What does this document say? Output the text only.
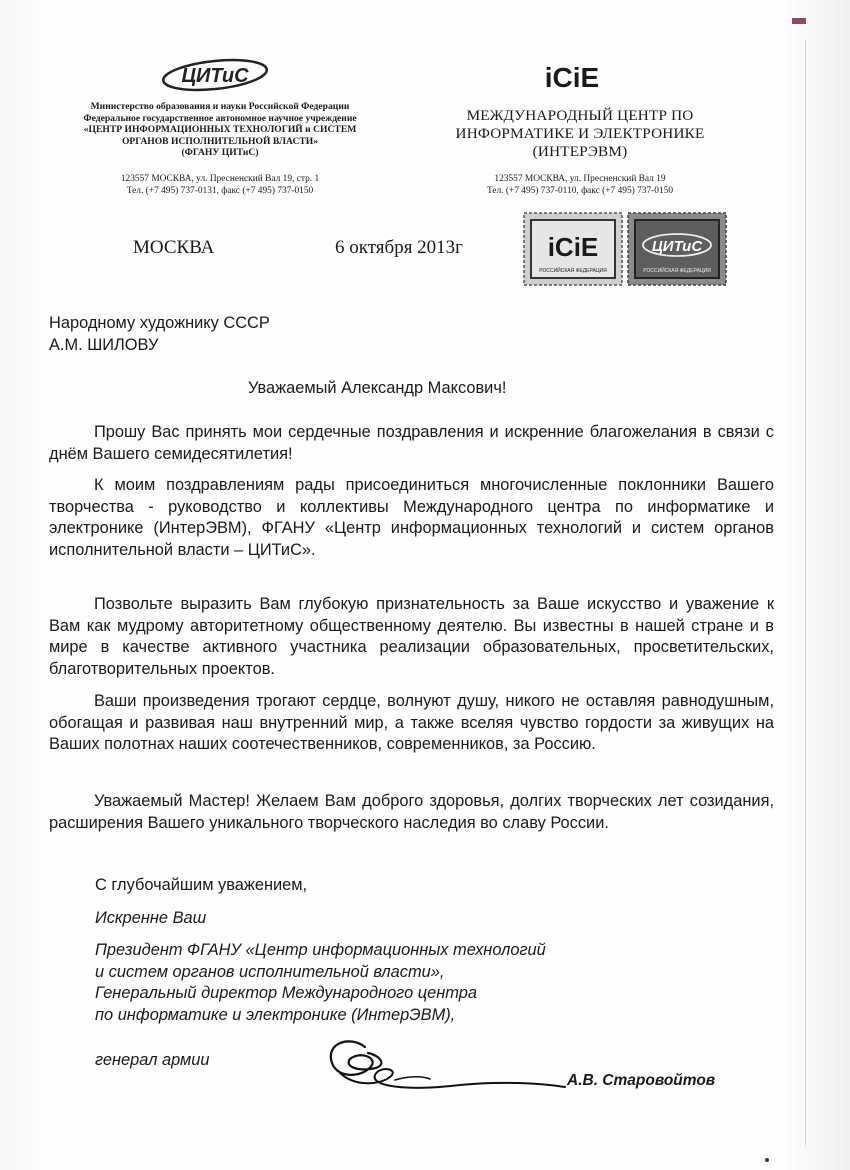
ЦИТиС	iCiE
Министерство образования и науки Российской Федерации
Федеральное государственное автономное научное учреждение
«ЦЕНТР ИНФОРМАЦИОННЫХ ТЕХНОЛОГИЙ и СИСТЕМ
ОРГАНОВ ИСПОЛНИТЕЛЬНОЙ ВЛАСТИ»
(ФГАНУ ЦИТиС)
МЕЖДУНАРОДНЫЙ ЦЕНТР ПО
ИНФОРМАТИКЕ И ЭЛЕКТРОНИКЕ
(ИНТЕРЭВМ)
123557 МОСКВА, ул. Пресненский Вал 19, стр. 1
Тел. (+7 495) 737-0131, факс (+7 495) 737-0150
123557 МОСКВА, ул. Пресненский Вал 19
Тел. (+7 495) 737-0110, факс (+7 495) 737-0150
МОСКВА	6 октября 2013г	iCiE
РОССИЙСКАЯ ФЕДЕРАЦИЯ
ЦИТиС
РОССИЙСКАЯ ФЕДЕРАЦИЯ
Народному художнику СССР
А.М. ШИЛОВУ
Уважаемый Александр Максович!
Прошу Вас принять мои сердечные поздравления и искренние благожелания в связи с днём Вашего семидесятилетия!
К моим поздравлениям рады присоединиться многочисленные поклонники Вашего творчества - руководство и коллективы Международного центра по информатике и электронике (ИнтерЭВМ), ФГАНУ «Центр информационных технологий и систем органов исполнительной власти – ЦИТиС».
Позвольте выразить Вам глубокую признательность за Ваше искусство и уважение к Вам как мудрому авторитетному общественному деятелю. Вы известны в нашей стране и в мире в качестве активного участника реализации образовательных, просветительских, благотворительных проектов.
Ваши произведения трогают сердце, волнуют душу, никого не оставляя равнодушным, обогащая и развивая наш внутренний мир, а также вселяя чувство гордости за живущих на Ваших полотнах наших соотечественников, современников, за Россию.
Уважаемый Мастер! Желаем Вам доброго здоровья, долгих творческих лет созидания, расширения Вашего уникального творческого наследия во славу России.
С глубочайшим уважением,
Искренне Ваш
Президент ФГАНУ «Центр информационных технологий
и систем органов исполнительной власти»,
Генеральный директор Международного центра
по информатике и электронике (ИнтерЭВМ),
генерал армии
А.В. Старовойтов
